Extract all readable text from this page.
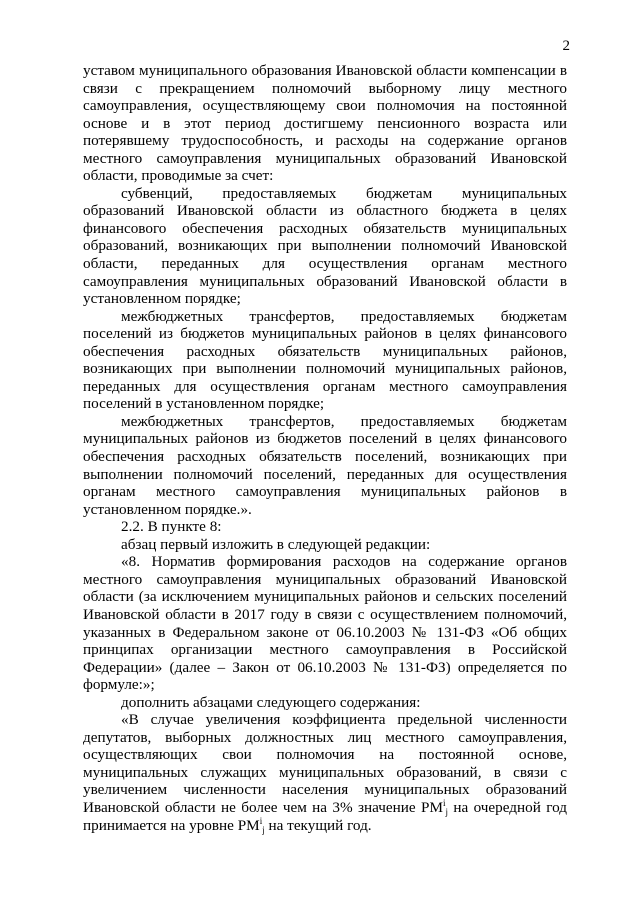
2

уставом муниципального образования Ивановской области компенсации в связи с прекращением полномочий выборному лицу местного самоуправления, осуществляющему свои полномочия на постоянной основе и в этот период достигшему пенсионного возраста или потерявшему трудоспособность, и расходы на содержание органов местного самоуправления муниципальных образований Ивановской области, проводимые за счет:

субвенций, предоставляемых бюджетам муниципальных образований Ивановской области из областного бюджета в целях финансового обеспечения расходных обязательств муниципальных образований, возникающих при выполнении полномочий Ивановской области, переданных для осуществления органам местного самоуправления муниципальных образований Ивановской области в установленном порядке;

межбюджетных трансфертов, предоставляемых бюджетам поселений из бюджетов муниципальных районов в целях финансового обеспечения расходных обязательств муниципальных районов, возникающих при выполнении полномочий муниципальных районов, переданных для осуществления органам местного самоуправления поселений в установленном порядке;

межбюджетных трансфертов, предоставляемых бюджетам муниципальных районов из бюджетов поселений в целях финансового обеспечения расходных обязательств поселений, возникающих при выполнении полномочий поселений, переданных для осуществления органам местного самоуправления муниципальных районов в установленном порядке.».

2.2. В пункте 8:

абзац первый изложить в следующей редакции:

«8. Норматив формирования расходов на содержание органов местного самоуправления муниципальных образований Ивановской области (за исключением муниципальных районов и сельских поселений Ивановской области в 2017 году в связи с осуществлением полномочий, указанных в Федеральном законе от 06.10.2003 № 131-ФЗ «Об общих принципах организации местного самоуправления в Российской Федерации» (далее – Закон от 06.10.2003 № 131-ФЗ) определяется по формуле:»;

дополнить абзацами следующего содержания:

«В случае увеличения коэффициента предельной численности депутатов, выборных должностных лиц местного самоуправления, осуществляющих свои полномочия на постоянной основе, муниципальных служащих муниципальных образований, в связи с увеличением численности населения муниципальных образований Ивановской области не более чем на 3% значение $РМ^i_j$ на очередной год принимается на уровне $РМ^i_j$ на текущий год.
